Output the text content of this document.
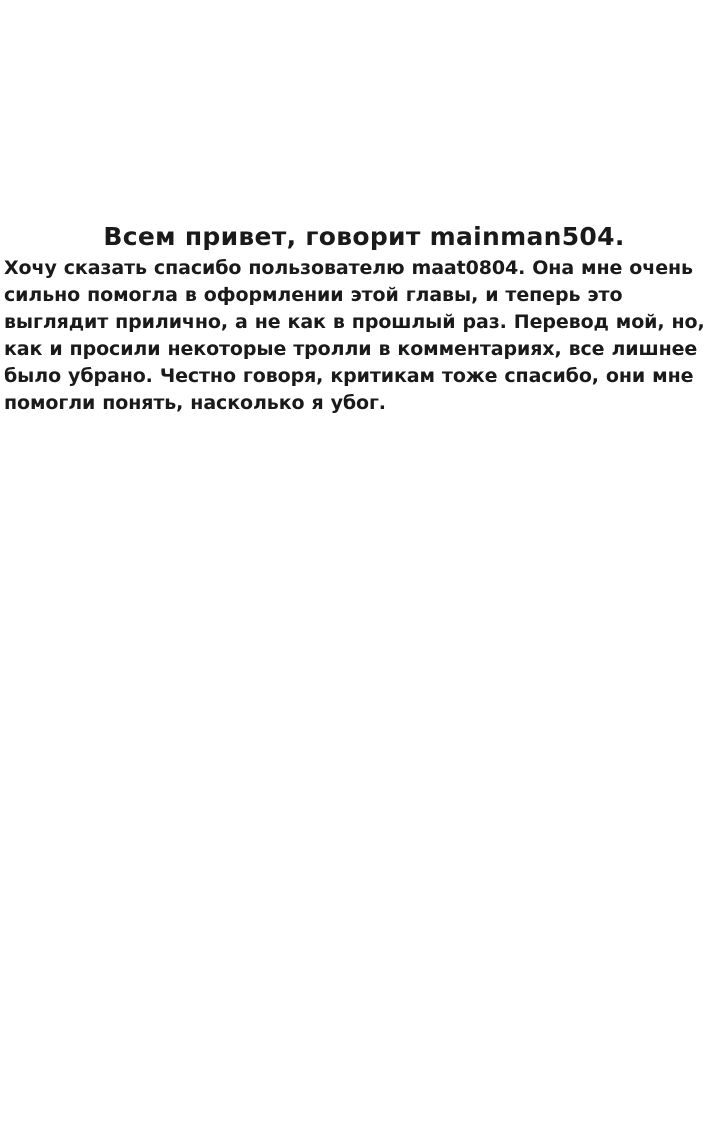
Всем привет, говорит mainman504.

Хочу сказать спасибо пользователю maat0804. Она мне очень сильно помогла в оформлении этой главы, и теперь это выглядит прилично, а не как в прошлый раз. Перевод мой, но, как и просили некоторые тролли в комментариях, все лишнее было убрано. Честно говоря, критикам тоже спасибо, они мне помогли понять, насколько я убог.
